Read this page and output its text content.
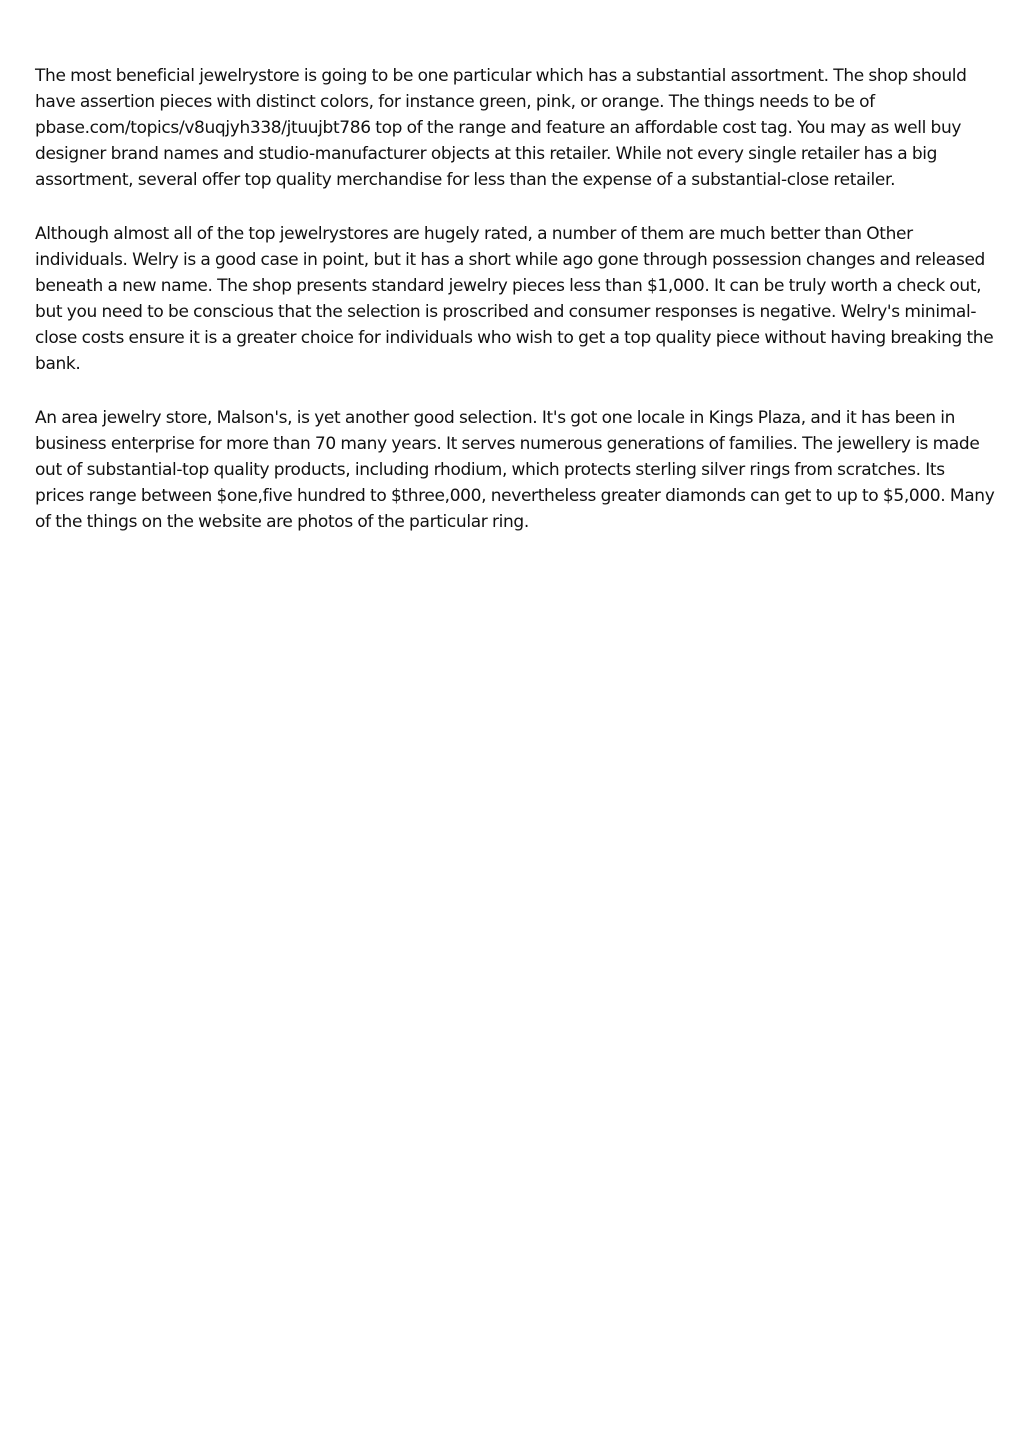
The most beneficial jewelrystore is going to be one particular which has a substantial assortment. The shop should have assertion pieces with distinct colors, for instance green, pink, or orange. The things needs to be of pbase.com/topics/v8uqjyh338/jtuujbt786 top of the range and feature an affordable cost tag. You may as well buy designer brand names and studio-manufacturer objects at this retailer. While not every single retailer has a big assortment, several offer top quality merchandise for less than the expense of a substantial-close retailer.

Although almost all of the top jewelrystores are hugely rated, a number of them are much better than Other individuals. Welry is a good case in point, but it has a short while ago gone through possession changes and released beneath a new name. The shop presents standard jewelry pieces less than $1,000. It can be truly worth a check out, but you need to be conscious that the selection is proscribed and consumer responses is negative. Welry's minimal-close costs ensure it is a greater choice for individuals who wish to get a top quality piece without having breaking the bank.

An area jewelry store, Malson's, is yet another good selection. It's got one locale in Kings Plaza, and it has been in business enterprise for more than 70 many years. It serves numerous generations of families. The jewellery is made out of substantial-top quality products, including rhodium, which protects sterling silver rings from scratches. Its prices range between $one,five hundred to $three,000, nevertheless greater diamonds can get to up to $5,000. Many of the things on the website are photos of the particular ring.
